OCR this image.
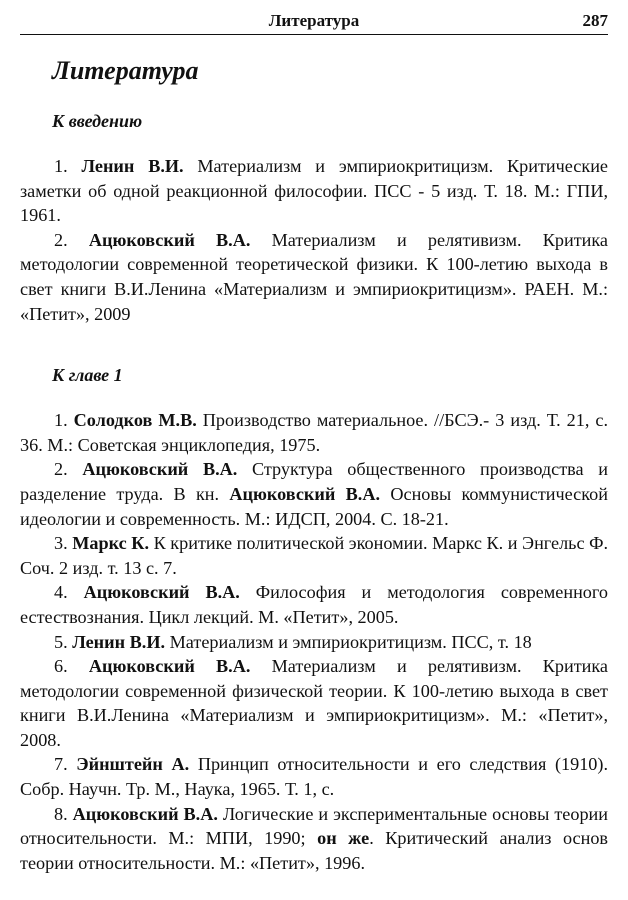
Литература	287
Литература
К введению

1. Ленин В.И. Материализм и эмпириокритицизм. Критические заметки об одной реакционной философии. ПСС - 5 изд. Т. 18. М.: ГПИ, 1961.

2. Ацюковский В.А. Материализм и релятивизм. Критика методологии современной теоретической физики. К 100-летию выхода в свет книги В.И.Ленина «Материализм и эмпириокритицизм». РАЕН. М.: «Петит», 2009

К главе 1

1. Солодков М.В. Производство материальное. //БСЭ.- 3 изд. Т. 21, с. 36. М.: Советская энциклопедия, 1975.

2. Ацюковский В.А. Структура общественного производства и разделение труда. В кн. Ацюковский В.А. Основы коммунистической идеологии и современность. М.: ИДСП, 2004. С. 18-21.

3. Маркс К. К критике политической экономии. Маркс К. и Энгельс Ф. Соч. 2 изд. т. 13 с. 7.

4. Ацюковский В.А. Философия и методология современного естествознания. Цикл лекций. М. «Петит», 2005.

5. Ленин В.И. Материализм и эмпириокритицизм. ПСС, т. 18

6. Ацюковский В.А. Материализм и релятивизм. Критика методологии современной физической теории. К 100-летию выхода в свет книги В.И.Ленина «Материализм и эмпириокритицизм». М.: «Петит», 2008.

7. Эйнштейн А. Принцип относительности и его следствия (1910). Собр. Научн. Тр. М., Наука, 1965. Т. 1, с.

8. Ацюковский В.А. Логические и экспериментальные основы теории относительности. М.: МПИ, 1990; он же. Критический анализ основ теории относительности. М.: «Петит», 1996.
